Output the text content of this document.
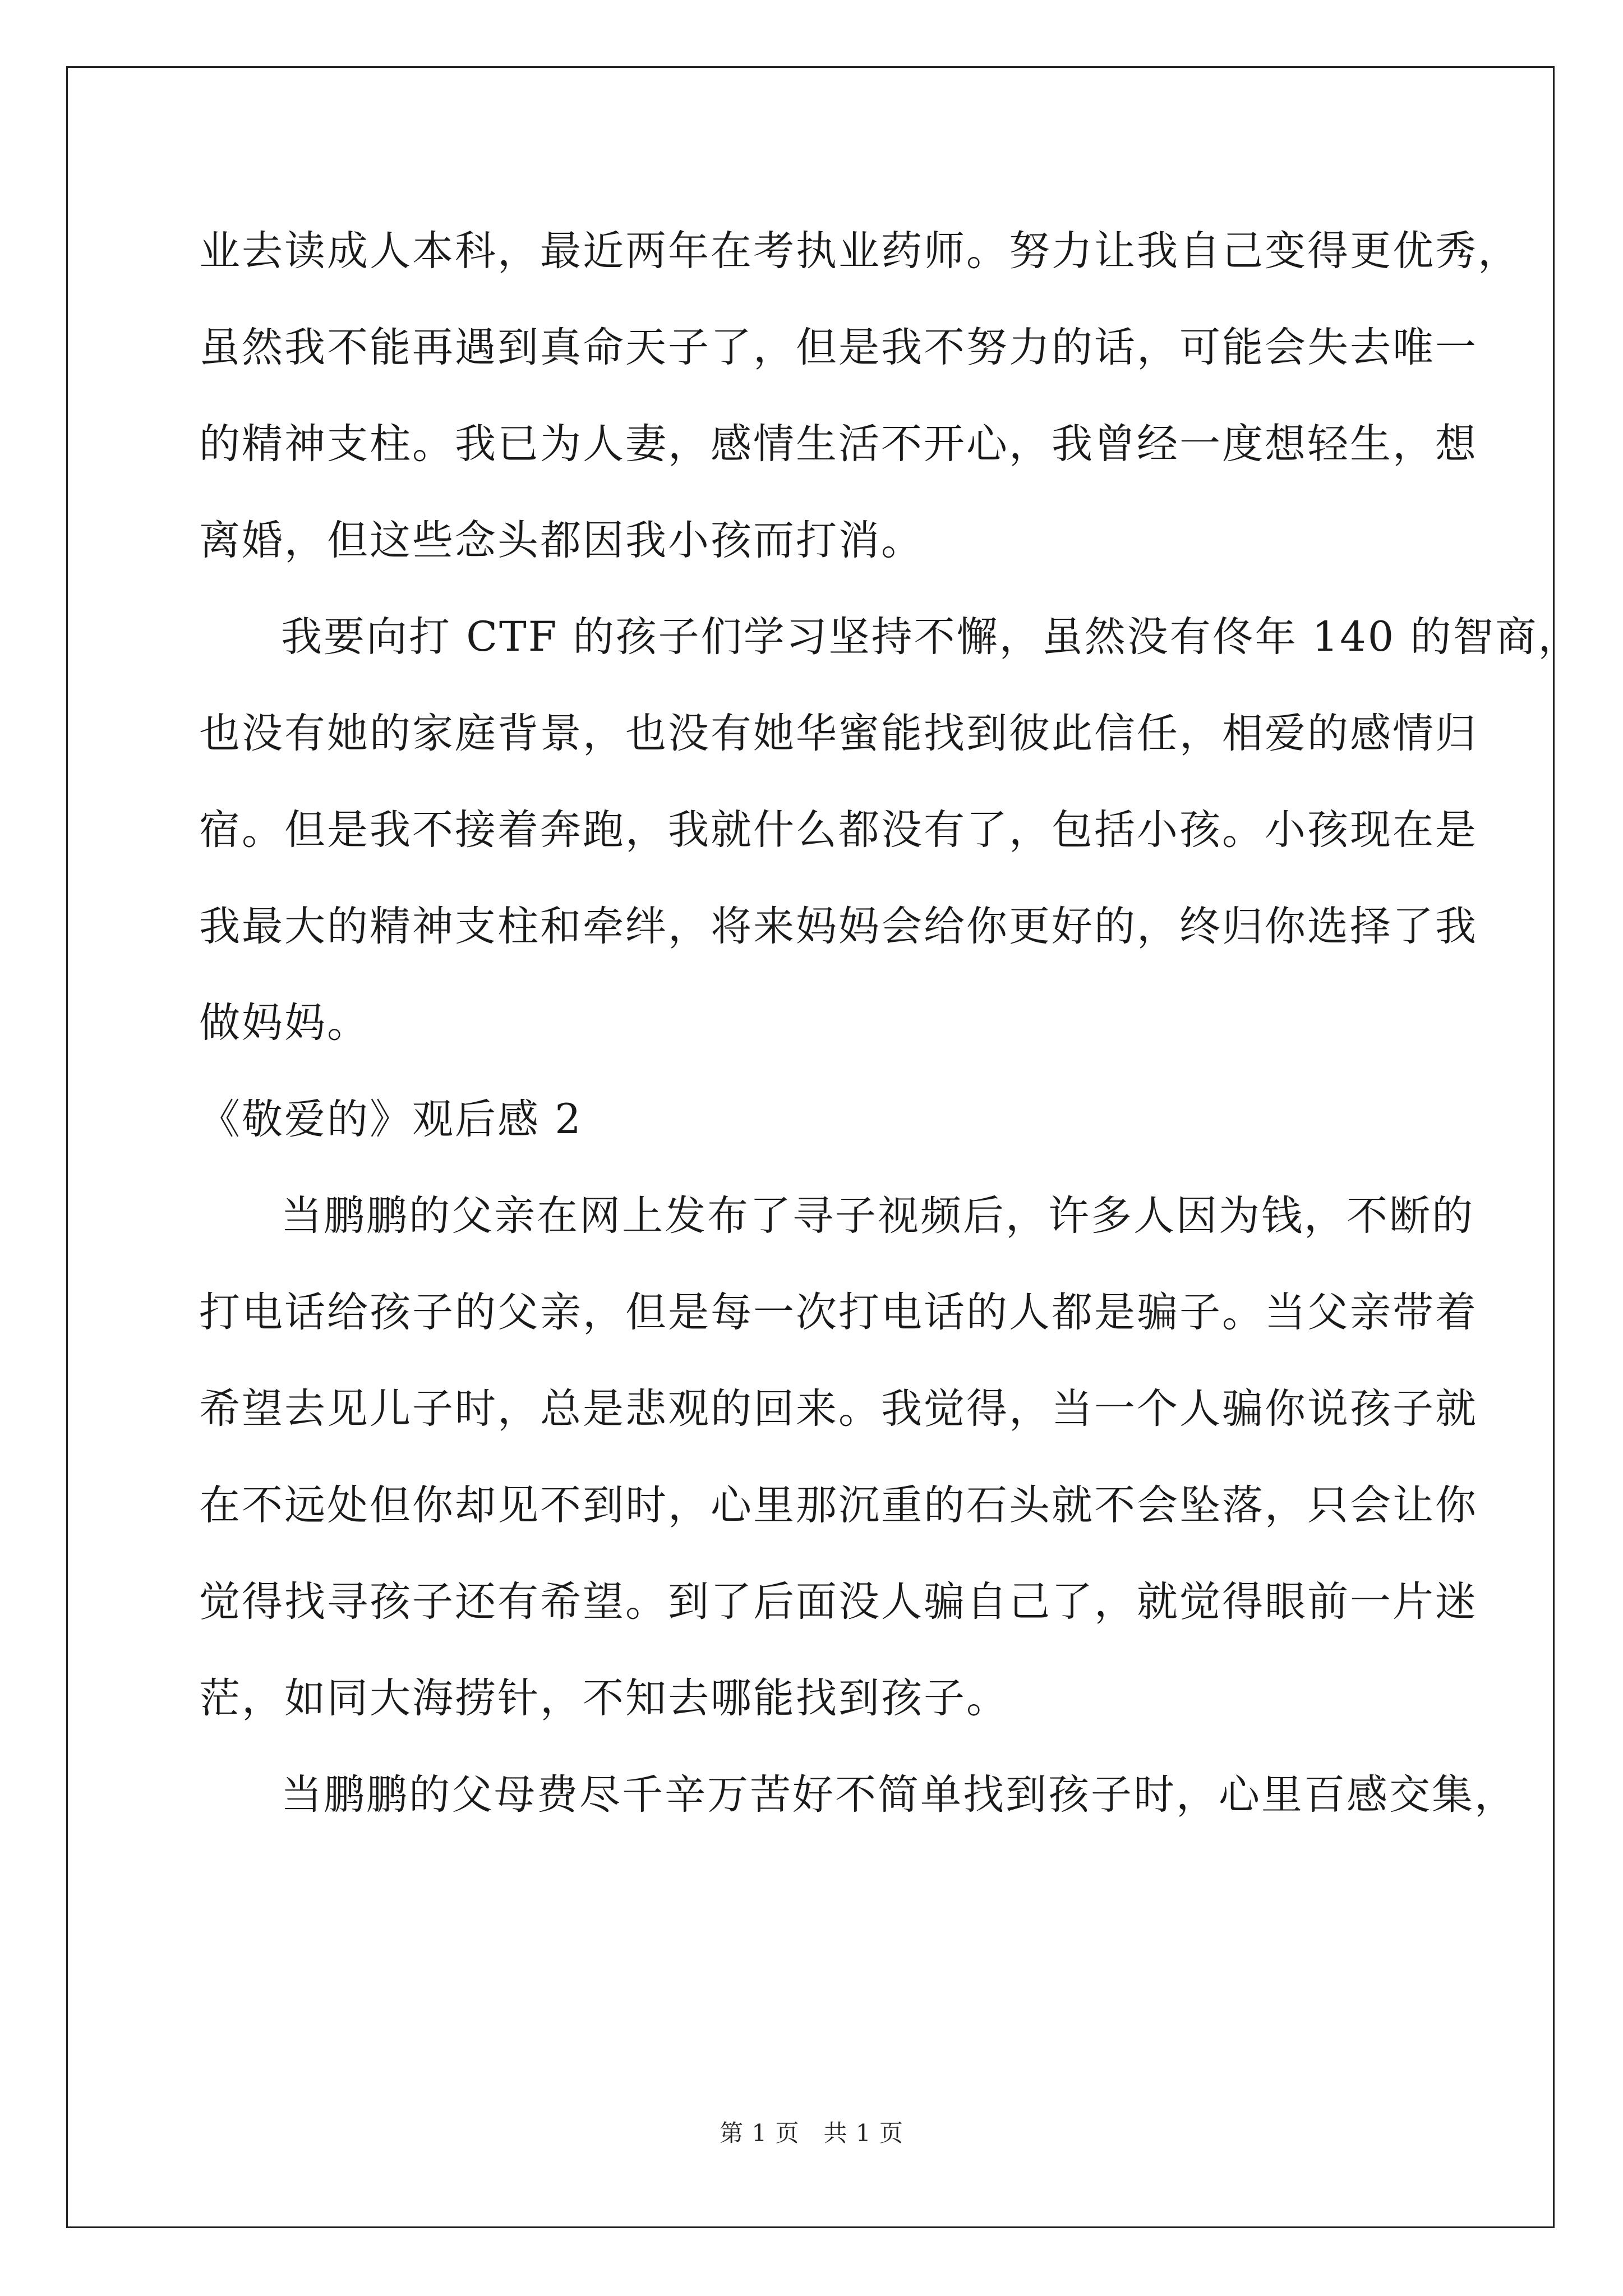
业去读成人本科，最近两年在考执业药师。努力让我自己变得更优秀，
虽然我不能再遇到真命天子了，但是我不努力的话，可能会失去唯一
的精神支柱。我已为人妻，感情生活不开心，我曾经一度想轻生，想
离婚，但这些念头都因我小孩而打消。
我要向打 CTF 的孩子们学习坚持不懈，虽然没有佟年 140 的智商，
也没有她的家庭背景，也没有她华蜜能找到彼此信任，相爱的感情归
宿。但是我不接着奔跑，我就什么都没有了，包括小孩。小孩现在是
我最大的精神支柱和牵绊，将来妈妈会给你更好的，终归你选择了我
做妈妈。
《敬爱的》观后感 2
当鹏鹏的父亲在网上发布了寻子视频后，许多人因为钱，不断的
打电话给孩子的父亲，但是每一次打电话的人都是骗子。当父亲带着
希望去见儿子时，总是悲观的回来。我觉得，当一个人骗你说孩子就
在不远处但你却见不到时，心里那沉重的石头就不会坠落，只会让你
觉得找寻孩子还有希望。到了后面没人骗自己了，就觉得眼前一片迷
茫，如同大海捞针，不知去哪能找到孩子。
当鹏鹏的父母费尽千辛万苦好不简单找到孩子时，心里百感交集，
第 1 页　共 1 页
